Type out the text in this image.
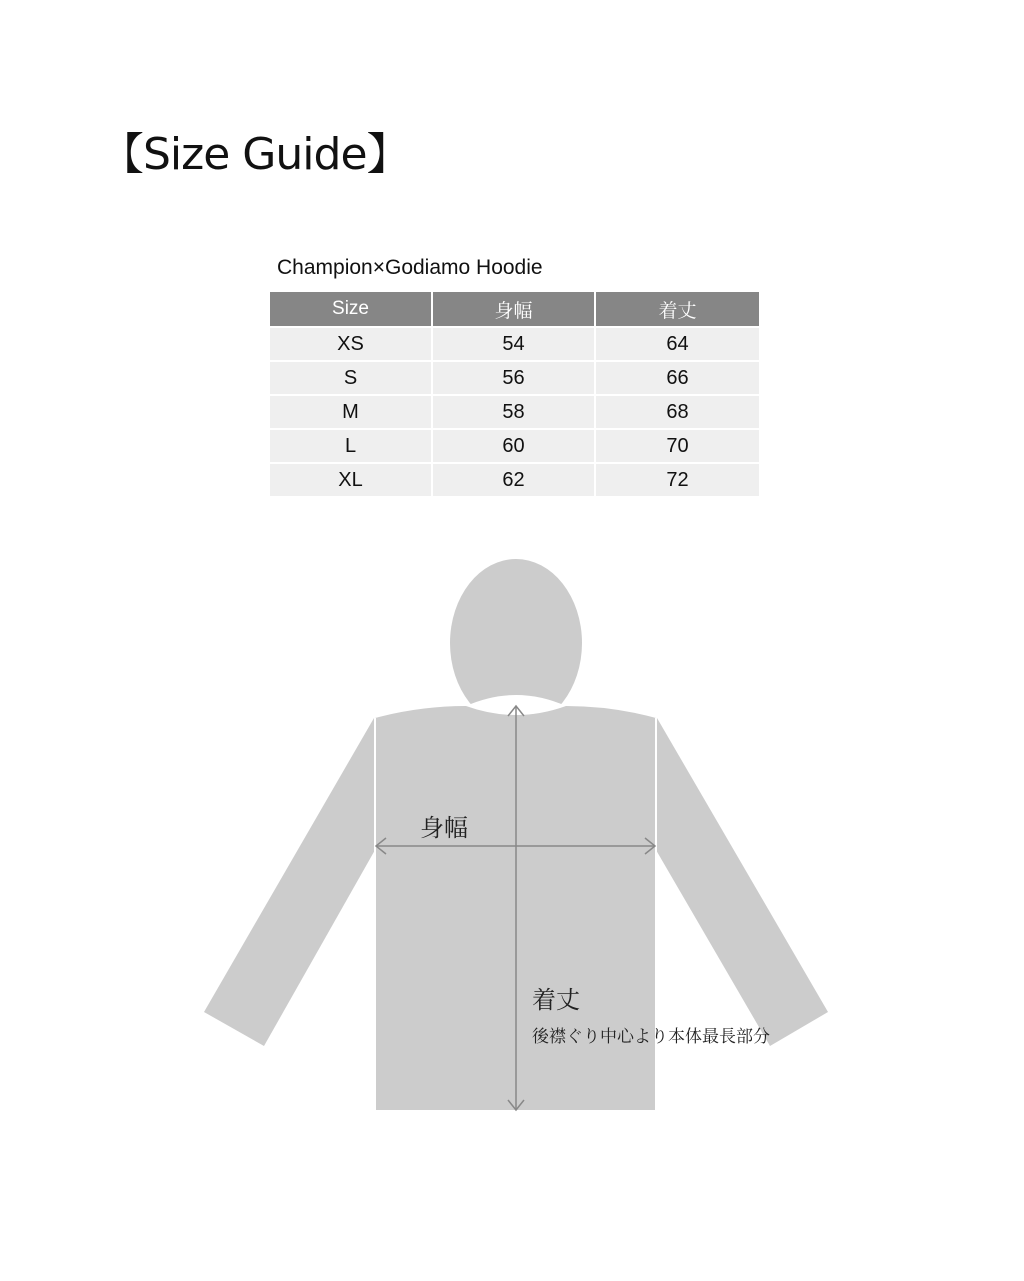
【Size Guide】
Champion×Godiamo Hoodie
Size	身幅	着丈
XS	54	64
S	56	66
M	58	68
L	60	70
XL	62	72
身幅
着丈
後襟ぐり中心より本体最長部分
